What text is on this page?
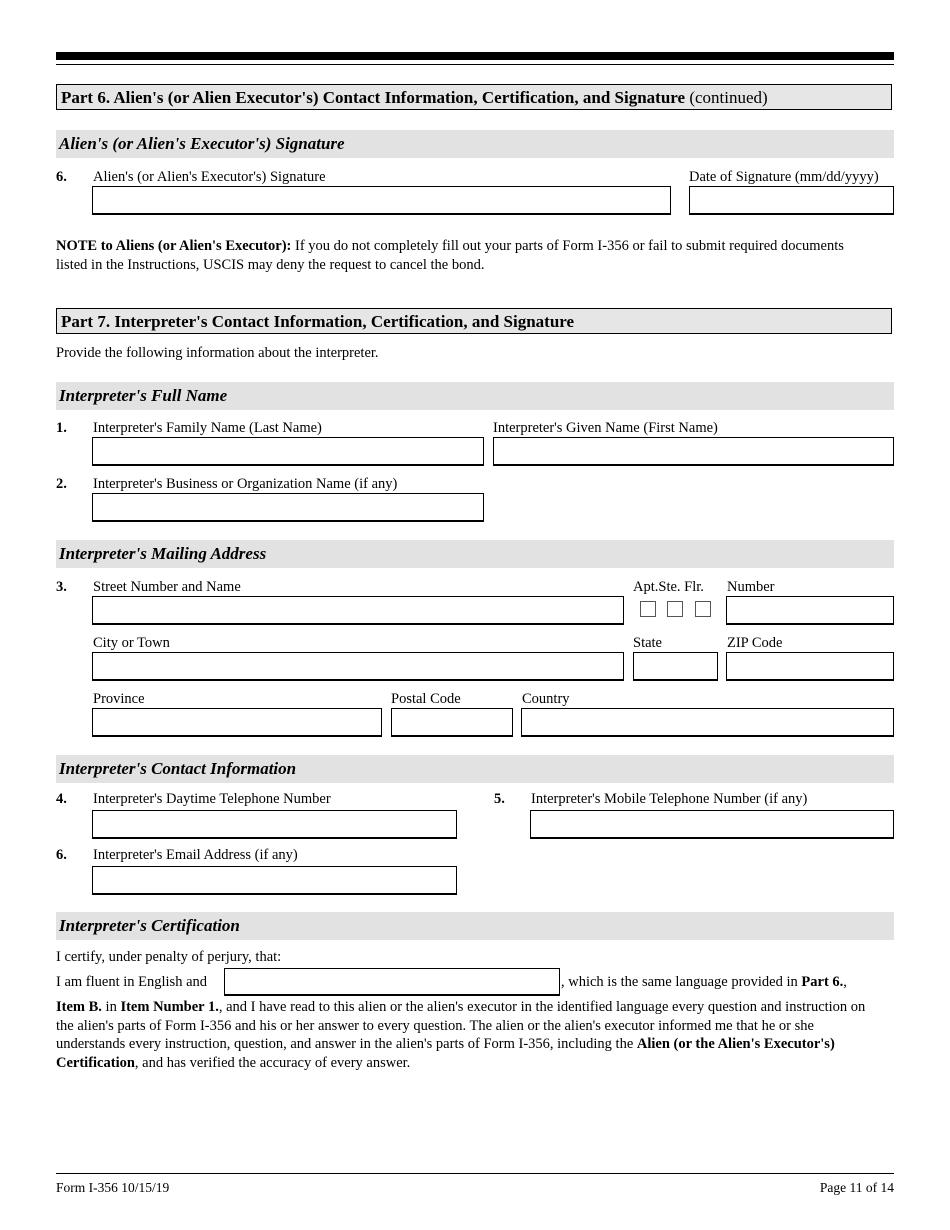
Part 6. Alien's (or Alien Executor's) Contact Information, Certification, and Signature (continued)
Alien's (or Alien's Executor's) Signature
6. Alien's (or Alien's Executor's) Signature	Date of Signature (mm/dd/yyyy)
NOTE to Aliens (or Alien's Executor): If you do not completely fill out your parts of Form I-356 or fail to submit required documents listed in the Instructions, USCIS may deny the request to cancel the bond.
Part 7. Interpreter's Contact Information, Certification, and Signature
Provide the following information about the interpreter.
Interpreter's Full Name
1. Interpreter's Family Name (Last Name)	Interpreter's Given Name (First Name)
2. Interpreter's Business or Organization Name (if any)
Interpreter's Mailing Address
3. Street Number and Name	Apt.Ste. Flr. Number
City or Town	State	ZIP Code
Province	Postal Code	Country
Interpreter's Contact Information
4. Interpreter's Daytime Telephone Number	5. Interpreter's Mobile Telephone Number (if any)
6. Interpreter's Email Address (if any)
Interpreter's Certification
I certify, under penalty of perjury, that:
I am fluent in English and	, which is the same language provided in Part 6.,
Item B. in Item Number 1., and I have read to this alien or the alien's executor in the identified language every question and instruction on the alien's parts of Form I-356 and his or her answer to every question. The alien or the alien's executor informed me that he or she understands every instruction, question, and answer in the alien's parts of Form I-356, including the Alien (or the Alien's Executor's) Certification, and has verified the accuracy of every answer.
Form I-356 10/15/19	Page 11 of 14
